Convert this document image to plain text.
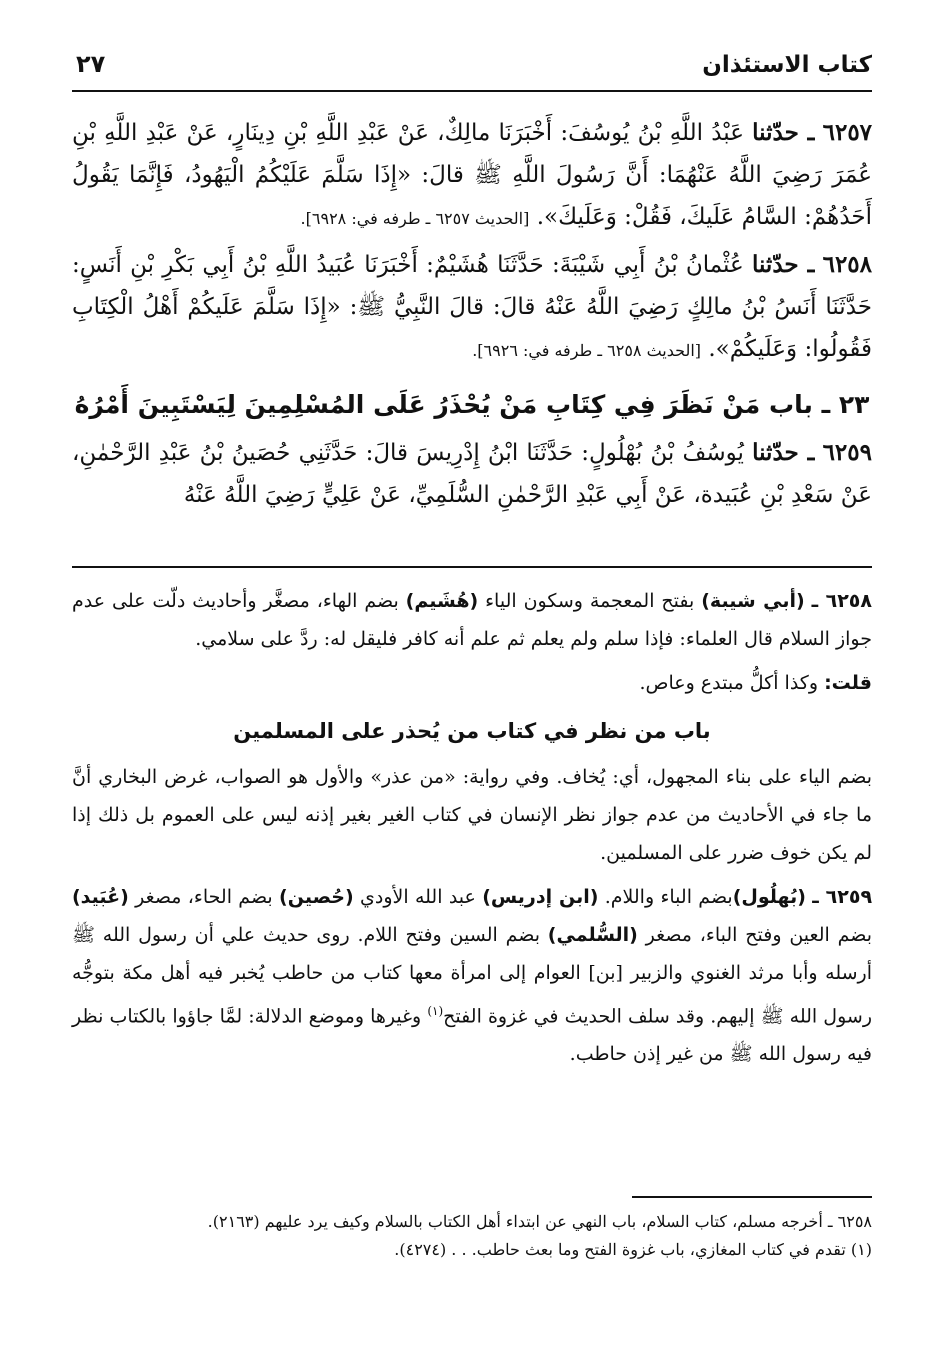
كتاب الاستئذان
٢٧

٦٢٥٧ ـ حدّثنا عَبْدُ اللَّهِ بْنُ يُوسُفَ: أَخْبَرَنَا مالِكٌ، عَنْ عَبْدِ اللَّهِ بْنِ دِينَارٍ، عَنْ عَبْدِ اللَّهِ بْنِ عُمَرَ رَضِيَ اللَّهُ عَنْهُمَا: أَنَّ رَسُولَ اللَّهِ ﷺ قالَ: «إِذَا سَلَّمَ عَلَيْكُمُ الْيَهُودُ، فَإِنَّمَا يَقُولُ أَحَدُهُمْ: السَّامُ عَلَيكَ، فَقُلْ: وَعَلَيكَ». [الحديث ٦٢٥٧ ـ طرفه في: ٦٩٢٨].

٦٢٥٨ ـ حدّثنا عُثْمانُ بْنُ أَبِي شَيْبَةَ: حَدَّثَنَا هُشَيْمٌ: أَخْبَرَنَا عُبَيدُ اللَّهِ بْنُ أَبِي بَكْرِ بْنِ أَنَسٍ: حَدَّثَنَا أَنَسُ بْنُ مالِكٍ رَضِيَ اللَّهُ عَنْهُ قالَ: قالَ النَّبِيُّ ﷺ: «إِذَا سَلَّمَ عَلَيكُمْ أَهْلُ الْكِتَابِ فَقُولُوا: وَعَلَيكُمْ». [الحديث ٦٢٥٨ ـ طرفه في: ٦٩٢٦].

٢٣ ـ باب مَنْ نَظَرَ فِي كِتَابِ مَنْ يُحْذَرُ عَلَى المُسْلِمِينَ لِيَسْتَبِينَ أَمْرُهُ

٦٢٥٩ ـ حدّثنا يُوسُفُ بْنُ بُهْلُولٍ: حَدَّثَنَا ابْنُ إِدْرِيسَ قالَ: حَدَّثَنِي حُصَينُ بْنُ عَبْدِ الرَّحْمٰنِ، عَنْ سَعْدِ بْنِ عُبَيدة، عَنْ أَبِي عَبْدِ الرَّحْمٰنِ السُّلَمِيِّ، عَنْ عَلِيٍّ رَضِيَ اللَّهُ عَنْهُ

٦٢٥٨ ـ (أبي شيبة) بفتح المعجمة وسكون الياء (هُشَيم) بضم الهاء، مصغَّر وأحاديث دلّت على عدم جواز السلام قال العلماء: فإذا سلم ولم يعلم ثم علم أنه كافر فليقل له: ردَّ على سلامي.

قلت: وكذا أكلُّ مبتدع وعاص.

باب من نظر في كتاب من يُحذر على المسلمين

بضم الياء على بناء المجهول، أي: يُخاف. وفي رواية: «من عذر» والأول هو الصواب، غرض البخاري أنَّ ما جاء في الأحاديث من عدم جواز نظر الإنسان في كتاب الغير بغير إذنه ليس على العموم بل ذلك إذا لم يكن خوف ضرر على المسلمين.

٦٢٥٩ ـ (بُهلُول)بضم الباء واللام. (ابن إدريس) عبد الله الأودي (حُصين) بضم الحاء، مصغر (عُبَيد) بضم العين وفتح الباء، مصغر (السُّلمي) بضم السين وفتح اللام. روى حديث علي أن رسول الله ﷺ أرسله وأبا مرثد الغنوي والزبير [بن] العوام إلى امرأة معها كتاب من حاطب يُخبر فيه أهل مكة بتوجُّه رسول الله ﷺ إليهم. وقد سلف الحديث في غزوة الفتح$^{(١)}$ وغيرها وموضع الدلالة: لمَّا جاؤوا بالكتاب نظر فيه رسول الله ﷺ من غير إذن حاطب.

٦٢٥٨ ـ أخرجه مسلم، كتاب السلام، باب النهي عن ابتداء أهل الكتاب بالسلام وكيف يرد عليهم (٢١٦٣).

(١) تقدم في كتاب المغازي، باب غزوة الفتح وما بعث حاطب. . . (٤٢٧٤).
